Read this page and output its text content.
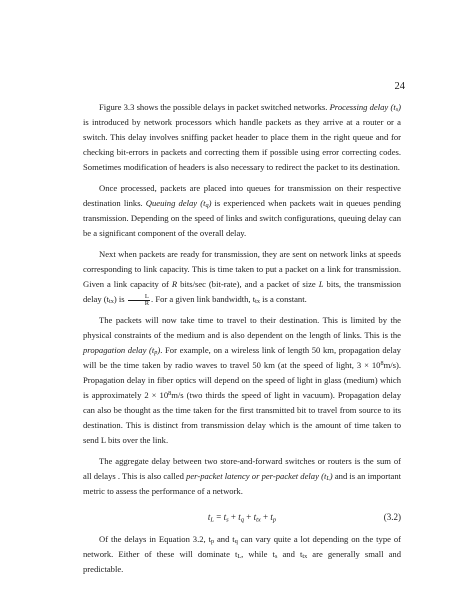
24

Figure 3.3 shows the possible delays in packet switched networks. Processing delay $(t_s)$ is introduced by network processors which handle packets as they arrive at a router or a switch. This delay involves sniffing packet header to place them in the right queue and for checking bit-errors in packets and correcting them if possible using error correcting codes. Sometimes modification of headers is also necessary to redirect the packet to its destination.

Once processed, packets are placed into queues for transmission on their respective destination links. Queuing delay $(t_q)$ is experienced when packets wait in queues pending transmission. Depending on the speed of links and switch configurations, queuing delay can be a significant component of the overall delay.

Next when packets are ready for transmission, they are sent on network links at speeds corresponding to link capacity. This is time taken to put a packet on a link for transmission. Given a link capacity of R bits/sec (bit-rate), and a packet of size L bits, the transmission delay $(t_{tx})$ is $\frac{L}{R}$ . For a given link bandwidth, $t_{tx}$ is a constant.

The packets will now take time to travel to their destination. This is limited by the physical constraints of the medium and is also dependent on the length of links. This is the propagation delay $(t_p)$. For example, on a wireless link of length 50 km, propagation delay will be the time taken by radio waves to travel 50 km (at the speed of light, $3 \times 10^8m/s$). Propagation delay in fiber optics will depend on the speed of light in glass (medium) which is approximately $2 \times 10^8m/s$ (two thirds the speed of light in vacuum). Propagation delay can also be thought as the time taken for the first transmitted bit to travel from source to its destination. This is distinct from transmission delay which is the amount of time taken to send L bits over the link.

The aggregate delay between two store-and-forward switches or routers is the sum of all delays . This is also called per-packet latency or per-packet delay $(t_L)$ and is an important metric to assess the performance of a network.

$t_L = t_s + t_q + t_{tx} + t_p$	(3.2)

Of the delays in Equation 3.2, $t_p$ and $t_q$ can vary quite a lot depending on the type of network. Either of these will dominate $t_L$, while $t_s$ and $t_{tx}$ are generally small and predictable.
